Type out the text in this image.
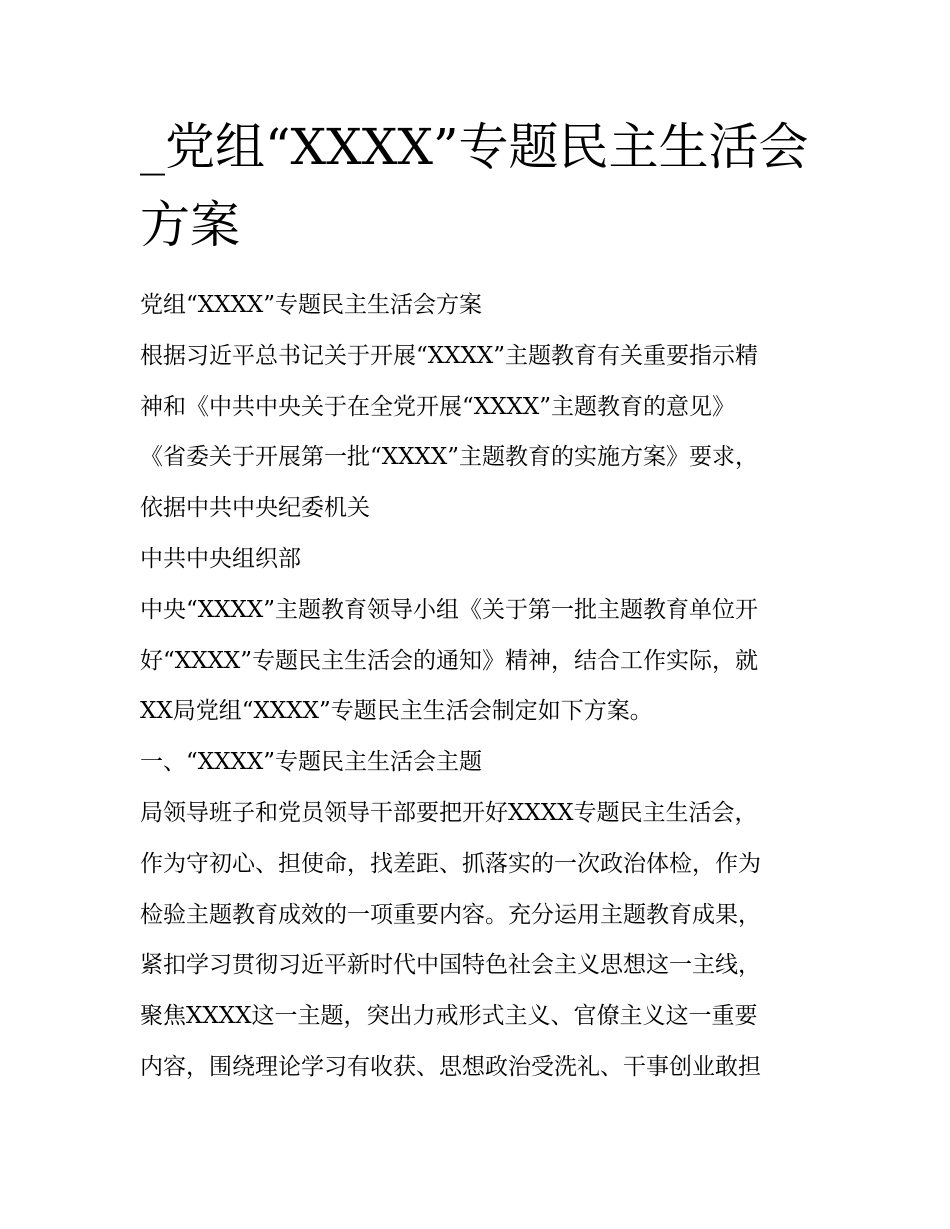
_党组“XXXX”专题民主生活会
方案
党组“XXXX”专题民主生活会方案
根据习近平总书记关于开展“XXXX”主题教育有关重要指示精
神和《中共中央关于在全党开展“XXXX”主题教育的意见》
《省委关于开展第一批“XXXX”主题教育的实施方案》要求，
依据中共中央纪委机关
中共中央组织部
中央“XXXX”主题教育领导小组《关于第一批主题教育单位开
好“XXXX”专题民主生活会的通知》精神，结合工作实际，就
XX局党组“XXXX”专题民主生活会制定如下方案。
一、“XXXX”专题民主生活会主题
局领导班子和党员领导干部要把开好XXXX专题民主生活会，
作为守初心、担使命，找差距、抓落实的一次政治体检，作为
检验主题教育成效的一项重要内容。充分运用主题教育成果，
紧扣学习贯彻习近平新时代中国特色社会主义思想这一主线，
聚焦XXXX这一主题，突出力戒形式主义、官僚主义这一重要
内容，围绕理论学习有收获、思想政治受洗礼、干事创业敢担
